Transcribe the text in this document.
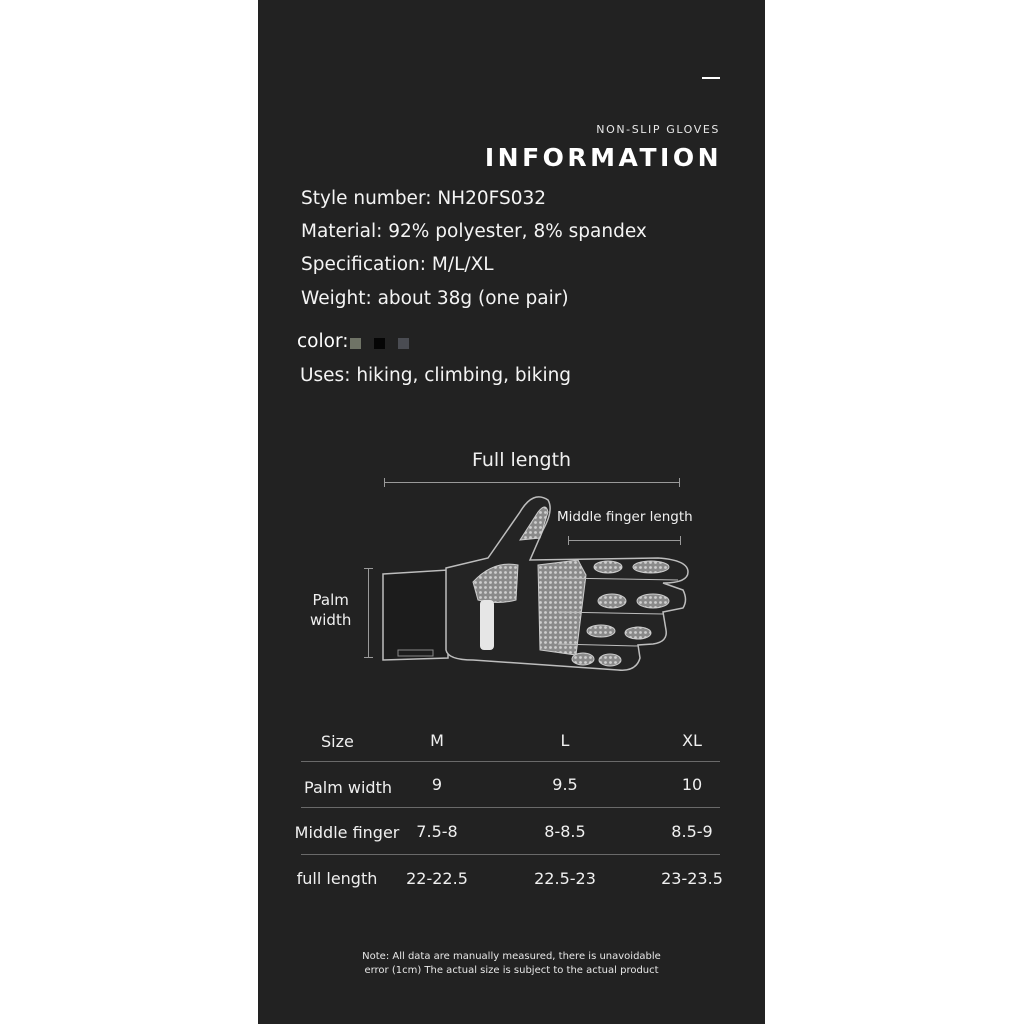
NON-SLIP GLOVES
INFORMATION
Style number: NH20FS032
Material: 92% polyester, 8% spandex
Specification: M/L/XL
Weight: about 38g (one pair)
color:
Uses: hiking, climbing, biking
Full length
Middle finger length
Palm
width
Size	M	L	XL
Palm width 9	9.5	10
Middle finger 7.5-8	8-8.5	8.5-9
full length 22-22.5	22.5-23	23-23.5
Note: All data are manually measured, there is unavoidable
error (1cm) The actual size is subject to the actual product
